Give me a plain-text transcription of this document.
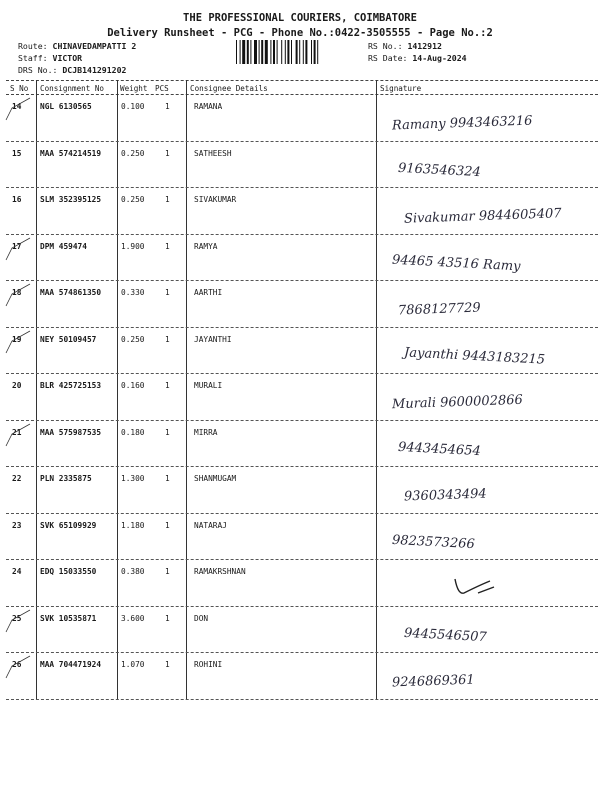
THE PROFESSIONAL COURIERS, COIMBATORE
Delivery Runsheet - PCG - Phone No.:0422-3505555 - Page No.:2
Route: CHINAVEDAMPATTI 2
Staff: VICTOR
DRS No.: DCJB141291202
RS No.: 1412912
RS Date: 14-Aug-2024
S No Consignment No Weight PCS	Consignee Details	Signature
14 NGL 6130565	0.100	1	RAMANA
Ramany 9943463216
15 MAA 574214519	0.250	1	SATHEESH
9163546324
16 SLM 352395125	0.250	1	SIVAKUMAR
Sivakumar 9844605407
17 DPM 459474	1.900	1	RAMYA
94465 43516 Ramy
18 MAA 574861350	0.330	1	AARTHI
7868127729
19 NEY 50109457	0.250	1	JAYANTHI
Jayanthi 9443183215
20 BLR 425725153	0.160	1	MURALI
Murali 9600002866
21 MAA 575987535	0.180	1	MIRRA
9443454654
22 PLN 2335875	1.300	1	SHANMUGAM
9360343494
23 SVK 65109929	1.180	1	NATARAJ
9823573266
24 EDQ 15033550	0.380	1	RAMAKRSHNAN
25 SVK 10535871	3.600	1	DON
9445546507
26 MAA 704471924	1.070	1	ROHINI
9246869361
